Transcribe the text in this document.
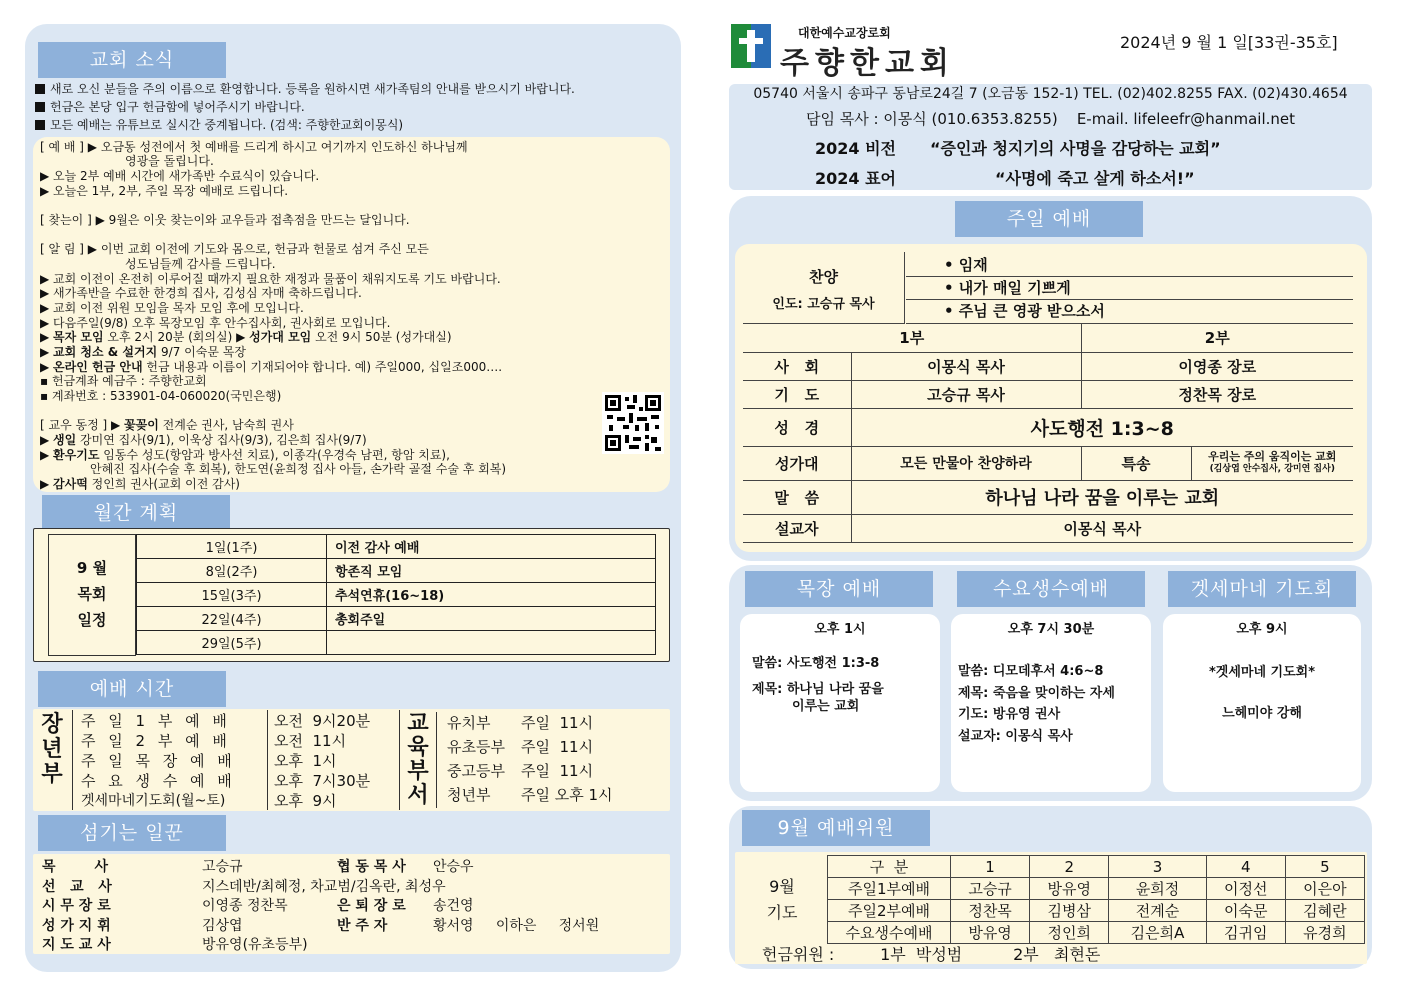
교회 소식
새로 오신 분들을 주의 이름으로 환영합니다. 등록을 원하시면 새가족팀의 안내를 받으시기 바랍니다.
헌금은 본당 입구 헌금함에 넣어주시기 바랍니다.
모든 예배는 유튜브로 실시간 중계됩니다. (검색: 주향한교회이몽식)
[ 예 배 ] ▶ 오금동 성전에서 첫 예배를 드리게 하시고 여기까지 인도하신 하나님께
영광을 돌립니다.
▶ 오늘 2부 예배 시간에 새가족반 수료식이 있습니다.
▶ 오늘은 1부, 2부, 주일 목장 예배로 드립니다.
[ 찾는이 ] ▶ 9월은 이웃 찾는이와 교우들과 접촉점을 만드는 달입니다.
[ 알 림 ] ▶ 이번 교회 이전에 기도와 몸으로, 헌금과 헌물로 섬겨 주신 모든
성도님들께 감사를 드립니다.
▶ 교회 이전이 온전히 이루어질 때까지 필요한 재정과 물품이 채워지도록 기도 바랍니다.
▶ 새가족반을 수료한 한경희 집사, 김성심 자매 축하드립니다.
▶ 교회 이전 위원 모임을 목자 모임 후에 모입니다.
▶ 다음주일(9/8) 오후 목장모임 후 안수집사회, 권사회로 모입니다.
▶ 목자 모임 오후 2시 20분 (회의실) ▶ 성가대 모임 오전 9시 50분 (성가대실)
▶ 교회 청소 & 설거지 9/7 이숙문 목장
▶ 온라인 헌금 안내 헌금 내용과 이름이 기재되어야 합니다. 예) 주일000, 십일조000….
▪ 헌금계좌 예금주 : 주향한교회
▪ 계좌번호 : 533901-04-060020(국민은행)
[ 교우 동정 ] ▶ 꽃꽂이 전계순 권사, 남숙희 권사
▶ 생일 강미연 집사(9/1), 이욱상 집사(9/3), 김은희 집사(9/7)
▶ 환우기도 임동수 성도(항암과 방사선 치료), 이종각(우경숙 남편, 항암 치료),
안혜진 집사(수술 후 회복), 한도연(윤희정 집사 아들, 손가락 골절 수술 후 회복)
▶ 감사떡 정인희 권사(교회 이전 감사)
월간 계획
9 월
목회
일정
1일(1주)	이전 감사 예배
8일(2주)	항존직 모임
15일(3주)	추석연휴(16~18)
22일(4주)	총회주일
29일(5주)	
예배 시간
장년부
주 일 1 부 예 배	오전  9시20분
주 일 2 부 예 배	오전  11시
주 일 목 장 예 배	오후  1시
수 요 생 수 예 배	오후  7시30분
겟세마네기도회(월~토)	오후  9시
교육부서
유치부	주일  11시
유초등부	주일  11시
중고등부	주일  11시
청년부	주일 오후 1시
섬기는 일꾼
목        사	고승규	협 동 목 사	안승우
선   교   사	지스데반/최혜정, 차교범/김옥란, 최성우
시 무 장 로	이영종 정찬목	은 퇴 장 로	송건영
성 가 지 휘	김상엽	반 주 자	황서영     이하은     정서원
지 도 교 사	방유영(유초등부)
대한예수교장로회
주향한교회
2024년 9 월 1 일[33권-35호]
05740 서울시 송파구 동남로24길 7 (오금동 152-1) TEL. (02)402.8255 FAX. (02)430.4654
담임 목사 : 이몽식 (010.6353.8255)    E-mail. lifeleefr@hanmail.net
2024 비전 “증인과 청지기의 사명을 감당하는 교회”
2024 표어	“사명에 죽고 살게 하소서!”
주일 예배
찬양
인도: 고승규 목사
• 임재
• 내가 매일 기쁘게
• 주님 큰 영광 받으소서
1부		2부	
사   회	이몽식 목사	이영종 장로	
기   도	고승규 목사	정찬목 장로	
성   경	사도행전 1:3~8		
성가대	모든 만물아 찬양하라	특송	우리는 주의 움직이는 교회
(김상엽 안수집사, 강미연 집사)

말   씀	하나님 나라 꿈을 이루는 교회		
설교자	이몽식 목사		
목장 예배	수요생수예배	겟세마네 기도회
오후 1시
말씀: 사도행전 1:3-8
제목: 하나님 나라 꿈을
이루는 교회
오후 7시 30분
말씀: 디모데후서 4:6~8
제목: 죽음을 맞이하는 자세
기도: 방유영 권사
설교자: 이몽식 목사
오후 9시
*겟세마네 기도회*
느헤미야 강해
9월 예배위원
9월
기도
구  분	1	2	3	4	5
주일1부예배	고승규	방유영	윤희정	이정선	이은아
주일2부예배	정찬목	김병삼	전계순	이숙문	김혜란
수요생수예배	방유영	정인희	김은희A	김귀임	유경희
헌금위원 :         1부  박성범          2부   최현돈
